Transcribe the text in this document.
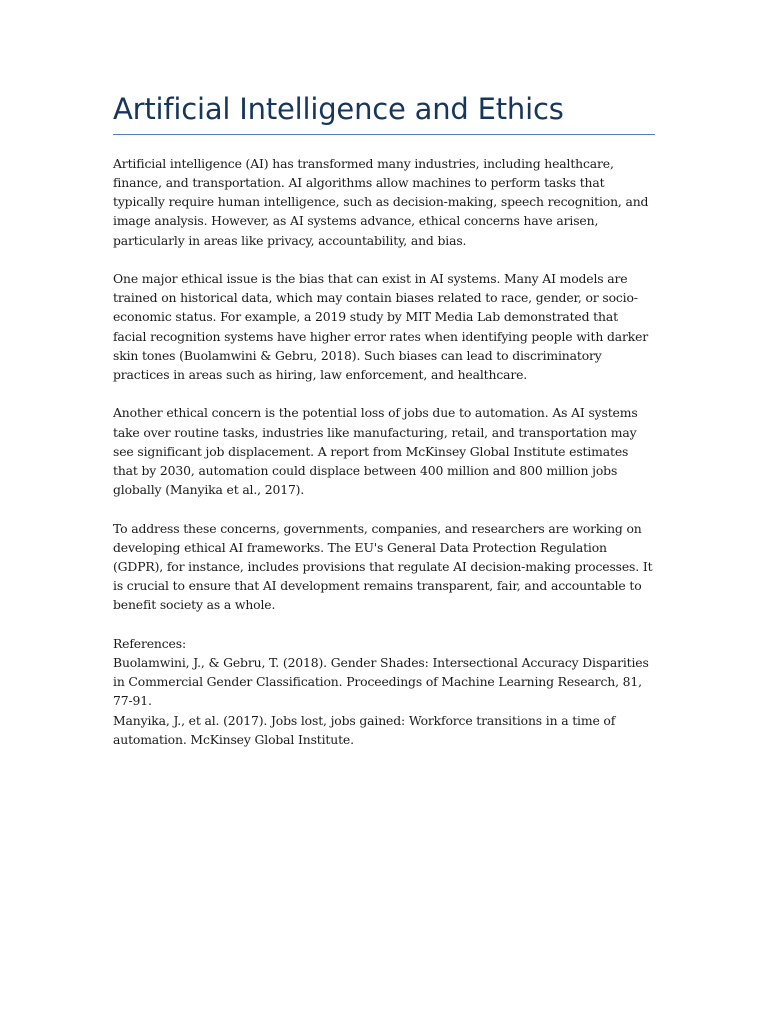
Artificial Intelligence and Ethics

Artificial intelligence (AI) has transformed many industries, including healthcare, finance, and transportation. AI algorithms allow machines to perform tasks that typically require human intelligence, such as decision-making, speech recognition, and image analysis. However, as AI systems advance, ethical concerns have arisen, particularly in areas like privacy, accountability, and bias.

One major ethical issue is the bias that can exist in AI systems. Many AI models are trained on historical data, which may contain biases related to race, gender, or socio-economic status. For example, a 2019 study by MIT Media Lab demonstrated that facial recognition systems have higher error rates when identifying people with darker skin tones (Buolamwini & Gebru, 2018). Such biases can lead to discriminatory practices in areas such as hiring, law enforcement, and healthcare.

Another ethical concern is the potential loss of jobs due to automation. As AI systems take over routine tasks, industries like manufacturing, retail, and transportation may see significant job displacement. A report from McKinsey Global Institute estimates that by 2030, automation could displace between 400 million and 800 million jobs globally (Manyika et al., 2017).

To address these concerns, governments, companies, and researchers are working on developing ethical AI frameworks. The EU's General Data Protection Regulation (GDPR), for instance, includes provisions that regulate AI decision-making processes. It is crucial to ensure that AI development remains transparent, fair, and accountable to benefit society as a whole.

References:
Buolamwini, J., & Gebru, T. (2018). Gender Shades: Intersectional Accuracy Disparities in Commercial Gender Classification. Proceedings of Machine Learning Research, 81, 77-91.
Manyika, J., et al. (2017). Jobs lost, jobs gained: Workforce transitions in a time of automation. McKinsey Global Institute.
